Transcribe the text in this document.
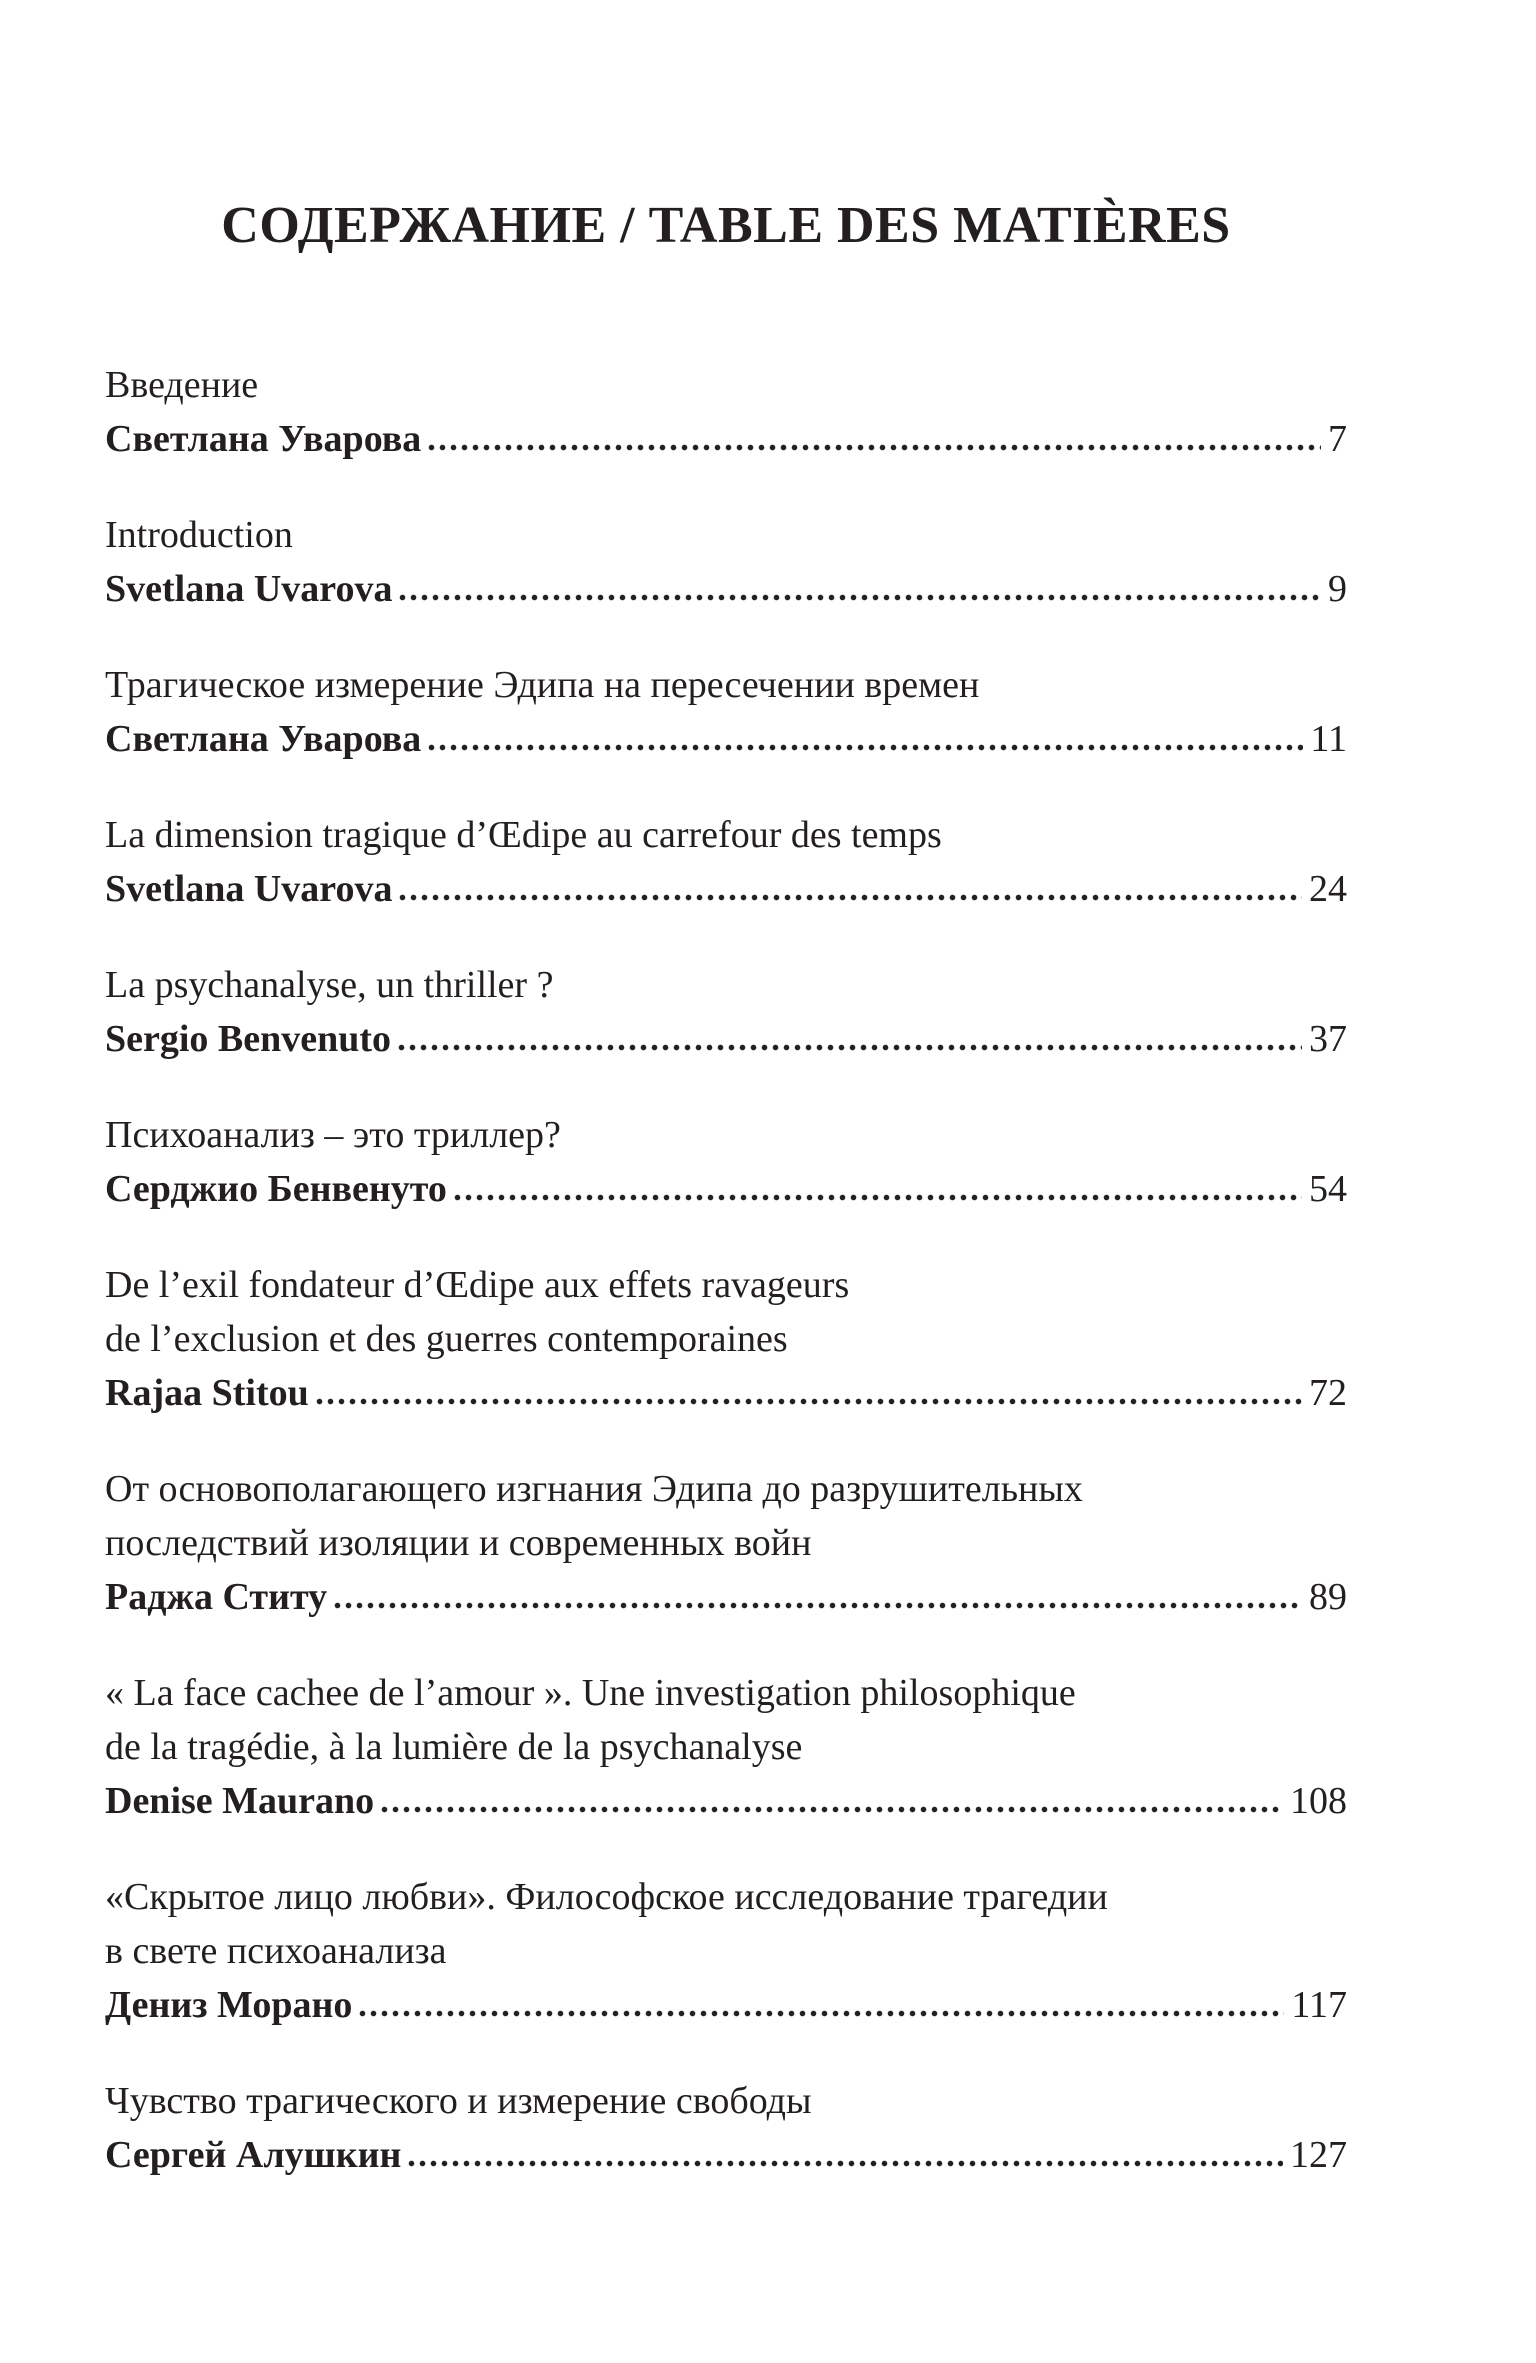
СОДЕРЖАНИЕ / TABLE DES MATIÈRES
Введение
Светлана Уварова	7
Introduction
Svetlana Uvarova	9
Трагическое измерение Эдипа на пересечении времен
Светлана Уварова	11
La dimension tragique d’Œdipe au carrefour des temps
Svetlana Uvarova	24
La psychanalyse, un thriller ?
Sergio Benvenuto	37
Психоанализ – это триллер?
Серджио Бенвенуто	54
De l’exil fondateur d’Œdipe aux effets ravageurs
de l’exclusion et des guerres contemporaines
Rajaa Stitou	72
От основополагающего изгнания Эдипа до разрушительных
последствий изоляции и современных войн
Раджа Ститу	89
« La face cachee de l’amour ». Une investigation philosophique
de la tragédie, à la lumière de la psychanalyse
Denise Maurano	108
«Скрытое лицо любви». Философское исследование трагедии
в свете психоанализа
Дениз Морано	117
Чувство трагического и измерение свободы
Сергей Алушкин	127
